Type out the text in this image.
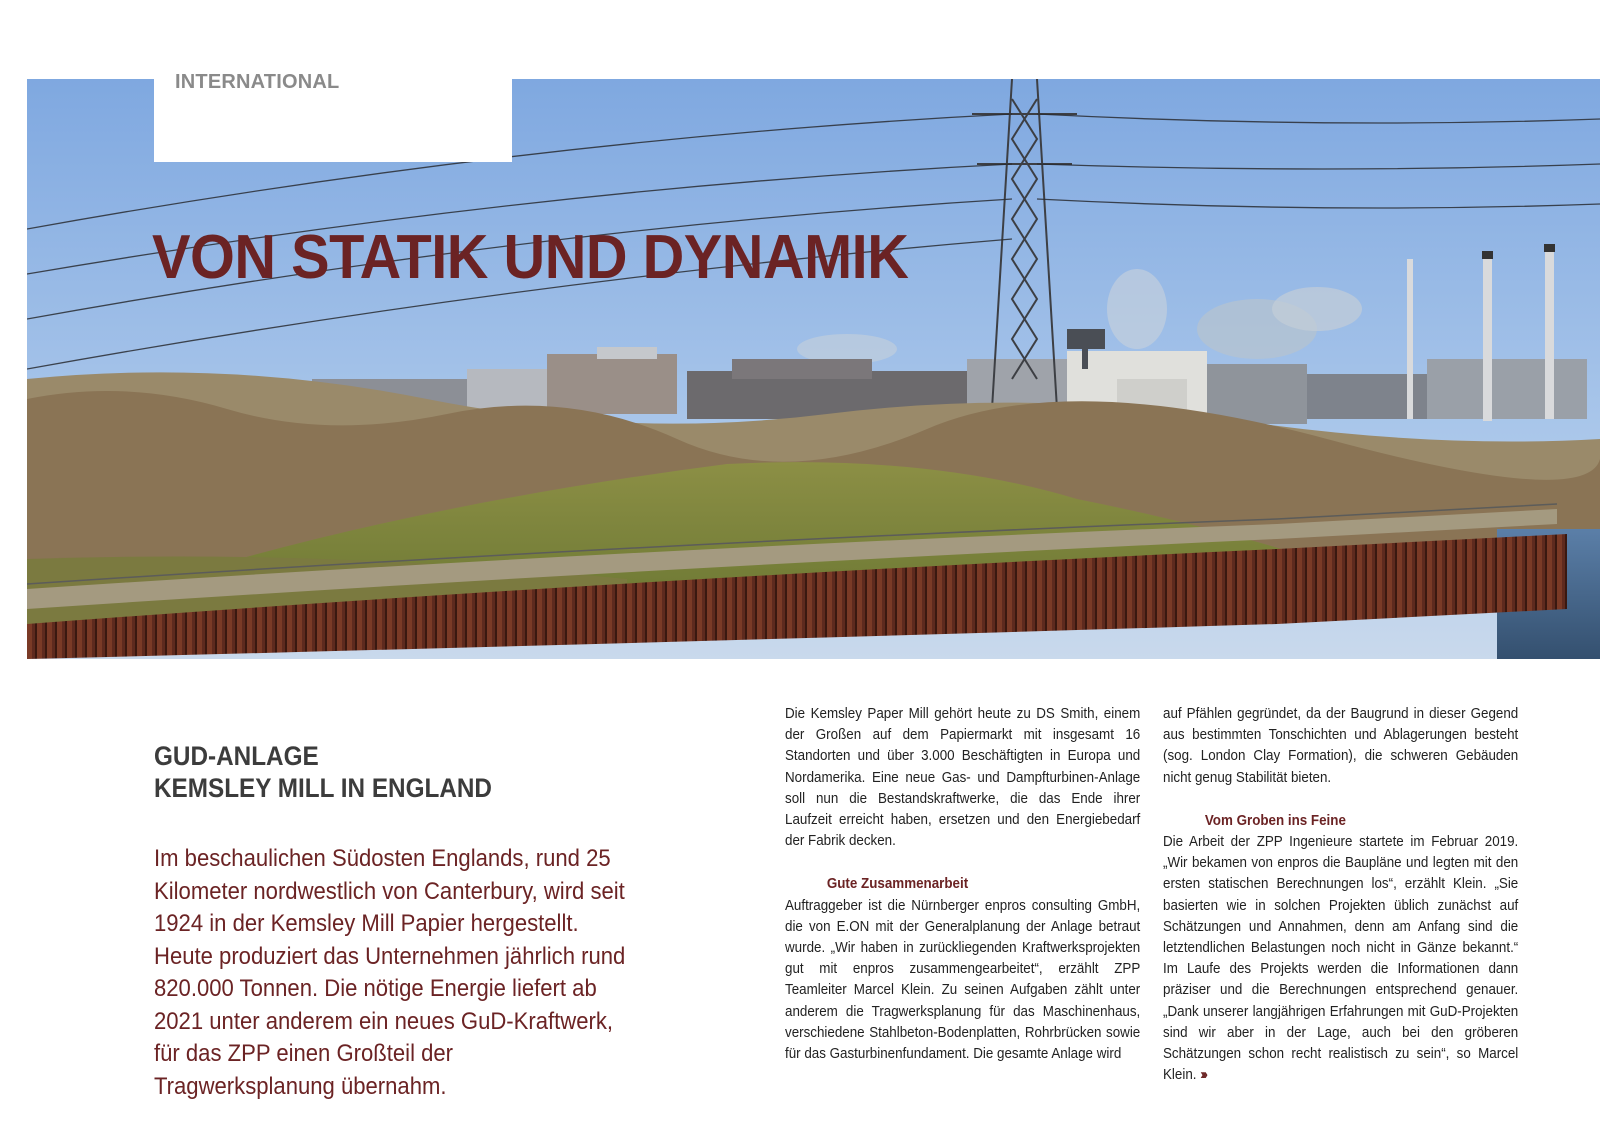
INTERNATIONAL
VON STATIK UND DYNAMIK
GUD-ANLAGE
KEMSLEY MILL IN ENGLAND

Im beschaulichen Südosten Englands, rund 25 Kilometer nordwestlich von Canterbury, wird seit 1924 in der Kemsley Mill Papier hergestellt. Heute produziert das Unternehmen jährlich rund 820.000 Tonnen. Die nötige Energie liefert ab 2021 unter anderem ein neues GuD-Kraftwerk, für das ZPP einen Großteil der Tragwerksplanung übernahm.

Die Kemsley Paper Mill gehört heute zu DS Smith, einem der Großen auf dem Papiermarkt mit insgesamt 16 Standorten und über 3.000 Beschäftigten in Europa und Nordamerika. Eine neue Gas- und Dampfturbinen-Anlage soll nun die Bestandskraftwerke, die das Ende ihrer Laufzeit erreicht haben, ersetzen und den Energiebedarf der Fabrik decken.

Gute Zusammenarbeit

Auftraggeber ist die Nürnberger enpros consulting GmbH, die von E.ON mit der Generalplanung der Anlage betraut wurde. „Wir haben in zurückliegenden Kraftwerksprojekten gut mit enpros zusammengearbeitet“, erzählt ZPP Teamleiter Marcel Klein. Zu seinen Aufgaben zählt unter anderem die Tragwerksplanung für das Maschinenhaus, verschiedene Stahlbeton-Bodenplatten, Rohrbrücken sowie für das Gasturbinenfundament. Die gesamte Anlage wird

auf Pfählen gegründet, da der Baugrund in dieser Gegend aus bestimmten Tonschichten und Ablagerungen besteht (sog. London Clay Formation), die schweren Gebäuden nicht genug Stabilität bieten.

Vom Groben ins Feine

Die Arbeit der ZPP Ingenieure startete im Februar 2019. „Wir bekamen von enpros die Baupläne und legten mit den ersten statischen Berechnungen los“, erzählt Klein. „Sie basierten wie in solchen Projekten üblich zunächst auf Schätzungen und Annahmen, denn am Anfang sind die letztendlichen Belastungen noch nicht in Gänze bekannt.“ Im Laufe des Projekts werden die Informationen dann präziser und die Berechnungen entsprechend genauer. „Dank unserer langjährigen Erfahrungen mit GuD-Projekten sind wir aber in der Lage, auch bei den gröberen Schätzungen schon recht realistisch zu sein“, so Marcel Klein. ›››
